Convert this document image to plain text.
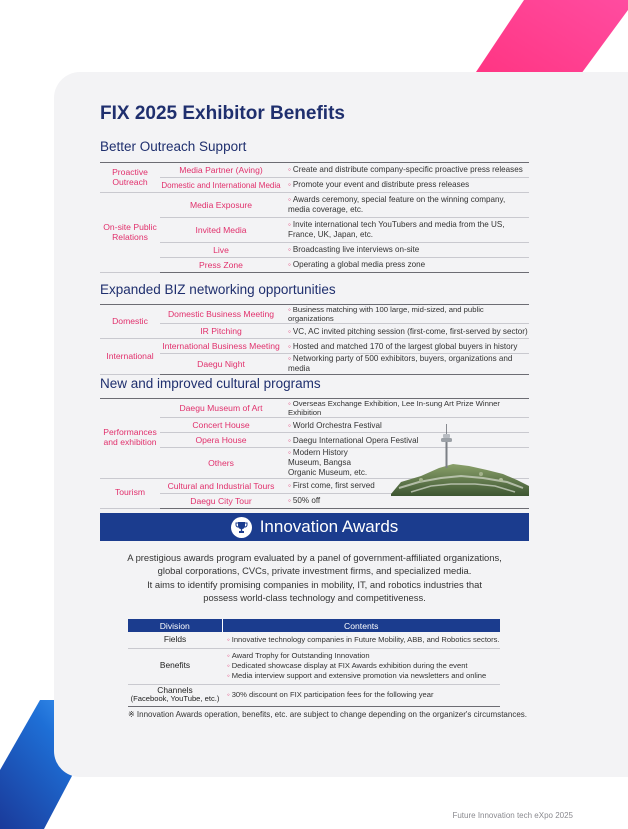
FIX 2025 Exhibitor Benefits
Better Outreach Support
Proactive Outreach	Media Partner (Aving)	◦ Create and distribute company-specific proactive press releases
	Domestic and International Media	◦ Promote your event and distribute press releases
On-site Public Relations	Media Exposure	◦ Awards ceremony, special feature on the winning company, media coverage, etc.
	Invited Media	◦ Invite international tech YouTubers and media from the US, France, UK, Japan, etc.
	Live	◦ Broadcasting live interviews on-site
	Press Zone	◦ Operating a global media press zone
Expanded BIZ networking opportunities
Domestic	Domestic Business Meeting	◦ Business matching with 100 large, mid-sized, and public organizations
	IR Pitching	◦ VC, AC invited pitching session (first-come, first-served by sector)
International	International Business Meeting	◦ Hosted and matched 170 of the largest global buyers in history
	Daegu Night	◦ Networking party of 500 exhibitors, buyers, organizations and media
New and improved cultural programs
Performances and exhibition	Daegu Museum of Art	◦ Overseas Exchange Exhibition, Lee In-sung Art Prize Winner Exhibition
	Concert House	◦ World Orchestra Festival
	Opera House	◦ Daegu International Opera Festival
	Others	◦ Modern History Museum, Bangsa Organic Museum, etc.
Tourism	Cultural and Industrial Tours	◦ First come, first served
	Daegu City Tour	◦ 50% off
Innovation Awards
A prestigious awards program evaluated by a panel of government-affiliated organizations,
global corporations, CVCs, private investment firms, and specialized media.
It aims to identify promising companies in mobility, IT, and robotics industries that
possess world-class technology and competitiveness.
Division	Contents
Fields	◦ Innovative technology companies in Future Mobility, ABB, and Robotics sectors.

Benefits	◦ Award Trophy for Outstanding Innovation
◦ Dedicated showcase display at FIX Awards exhibition during the event
◦ Media interview support and extensive promotion via newsletters and online

Channels
(Facebook, YouTube, etc.)	◦ 30% discount on FIX participation fees for the following year
※ Innovation Awards operation, benefits, etc. are subject to change depending on the organizer's circumstances.
Future Innovation tech eXpo 2025
